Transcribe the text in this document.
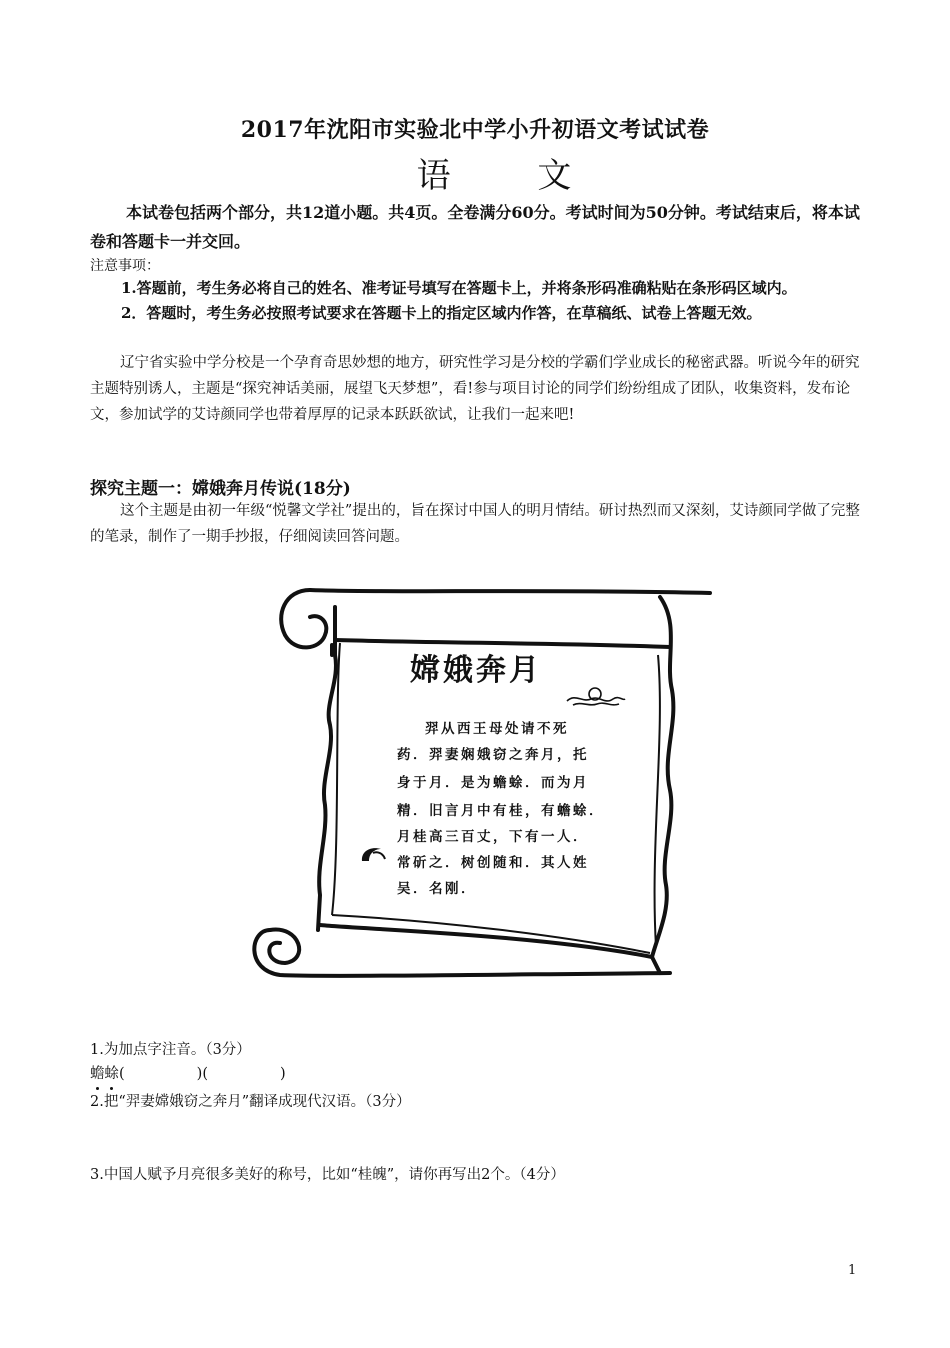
2017年沈阳市实验北中学小升初语文考试试卷
语 文
本试卷包括两个部分，共12道小题。共4页。全卷满分60分。考试时间为50分钟。考试结束后，将本试卷和答题卡一并交回。
注意事项：
1.答题前，考生务必将自己的姓名、准考证号填写在答题卡上，并将条形码准确粘贴在条形码区域内。
2．答题时，考生务必按照考试要求在答题卡上的指定区域内作答，在草稿纸、试卷上答题无效。
辽宁省实验中学分校是一个孕育奇思妙想的地方，研究性学习是分校的学霸们学业成长的秘密武器。听说今年的研究主题特别诱人，主题是“探究神话美丽，展望飞天梦想”，看!参与项目讨论的同学们纷纷组成了团队，收集资料，发布论文，参加试学的艾诗颜同学也带着厚厚的记录本跃跃欲试，让我们一起来吧!
探究主题一：嫦娥奔月传说(18分)
这个主题是由初一年级“悦馨文学社”提出的，旨在探讨中国人的明月情结。研讨热烈而又深刻，艾诗颜同学做了完整的笔录，制作了一期手抄报，仔细阅读回答问题。
嫦娥奔月
羿从西王母处请不死
药．羿妻娴娥窃之奔月，托
身于月．是为蟾蜍．而为月
精．旧言月中有桂，有蟾蜍．
月桂高三百丈，下有一人．
常斫之．树创随和．其人姓
吴．名刚．
1.为加点字注音。（3分）
蟾蜍(	)(	)
2.把“羿妻嫦娥窃之奔月”翻译成现代汉语。（3分）
3.中国人赋予月亮很多美好的称号，比如“桂魄”，请你再写出2个。（4分）
1
